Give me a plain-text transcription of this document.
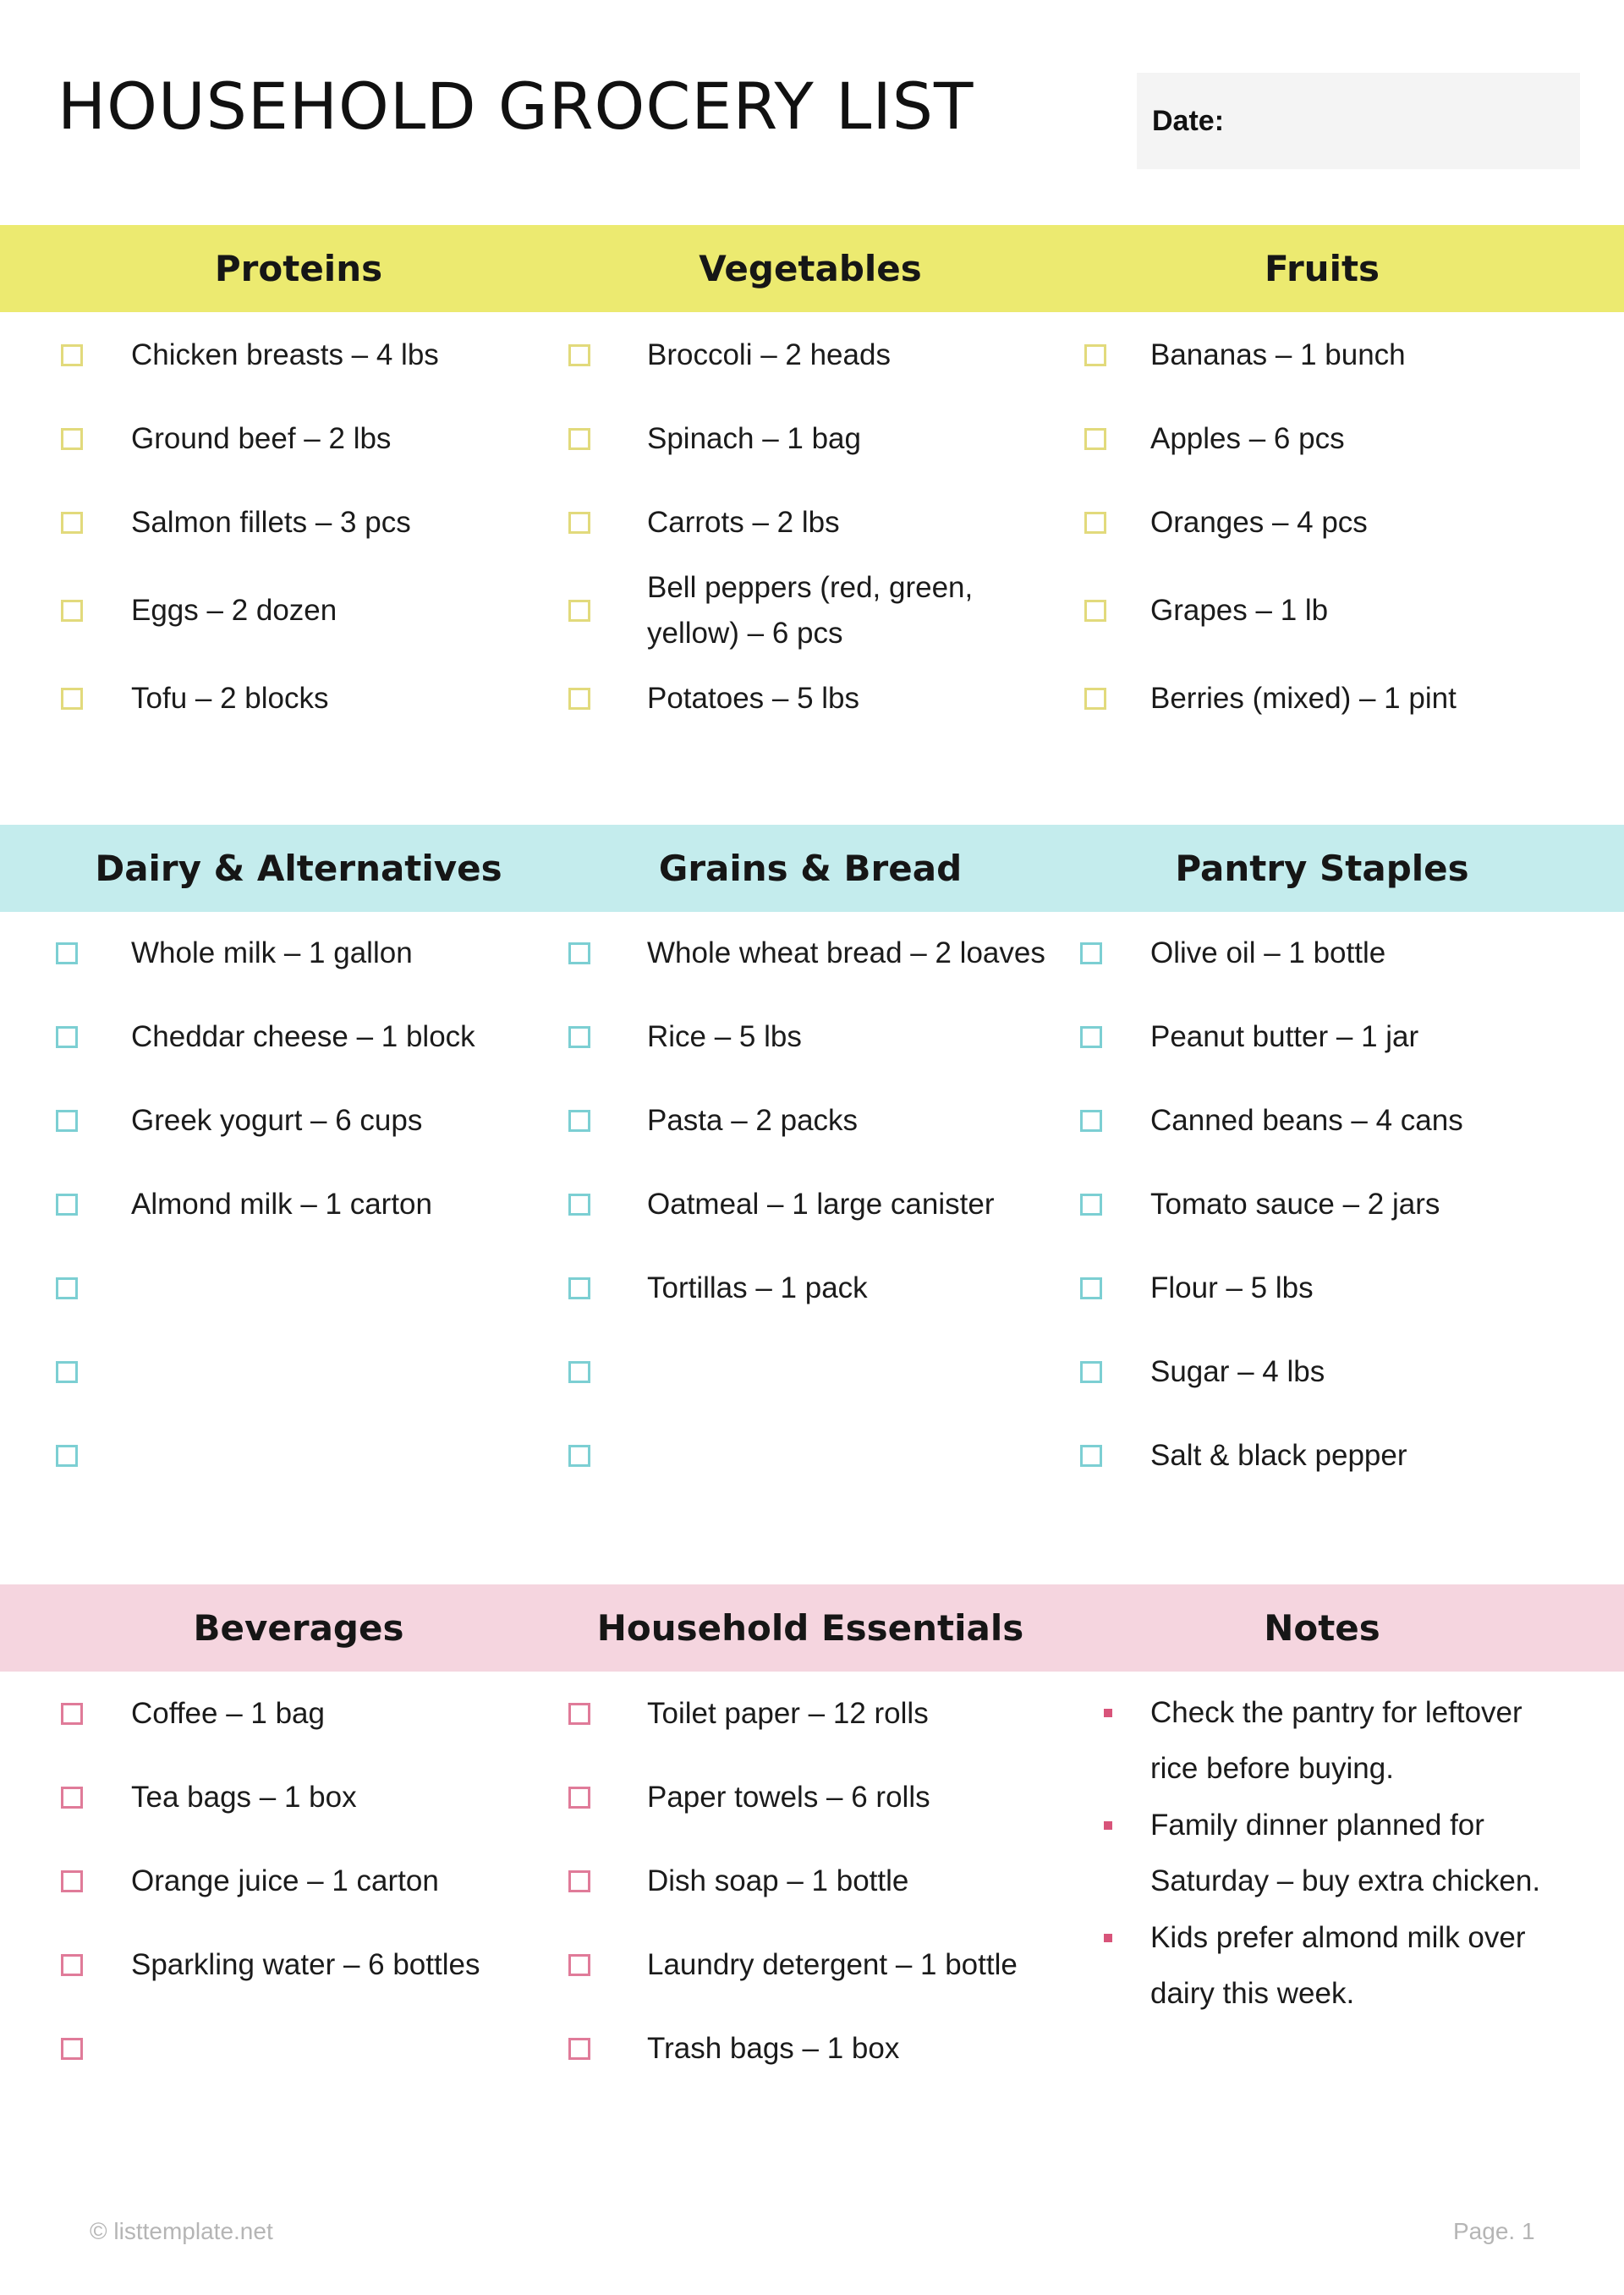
HOUSEHOLD GROCERY LIST	Date:
Proteins
Chicken breasts – 4 lbs
Ground beef – 2 lbs
Salmon fillets – 3 pcs
Eggs – 2 dozen
Tofu – 2 blocks
Vegetables
Broccoli – 2 heads
Spinach – 1 bag
Carrots – 2 lbs
Bell peppers (red, green, yellow) – 6 pcs
Potatoes – 5 lbs
Fruits
Bananas – 1 bunch
Apples – 6 pcs
Oranges – 4 pcs
Grapes – 1 lb
Berries (mixed) – 1 pint
Dairy & Alternatives
Whole milk – 1 gallon
Cheddar cheese – 1 block
Greek yogurt – 6 cups
Almond milk – 1 carton
Grains & Bread
Whole wheat bread – 2 loaves
Rice – 5 lbs
Pasta – 2 packs
Oatmeal – 1 large canister
Tortillas – 1 pack
Pantry Staples
Olive oil – 1 bottle
Peanut butter – 1 jar
Canned beans – 4 cans
Tomato sauce – 2 jars
Flour – 5 lbs
Sugar – 4 lbs
Salt & black pepper
Beverages
Coffee – 1 bag
Tea bags – 1 box
Orange juice – 1 carton
Sparkling water – 6 bottles
Household Essentials
Toilet paper – 12 rolls
Paper towels – 6 rolls
Dish soap – 1 bottle
Laundry detergent – 1 bottle
Trash bags – 1 box
Notes
Check the pantry for leftover rice before buying.
Family dinner planned for Saturday – buy extra chicken.
Kids prefer almond milk over dairy this week.
© listtemplate.net	Page. 1
